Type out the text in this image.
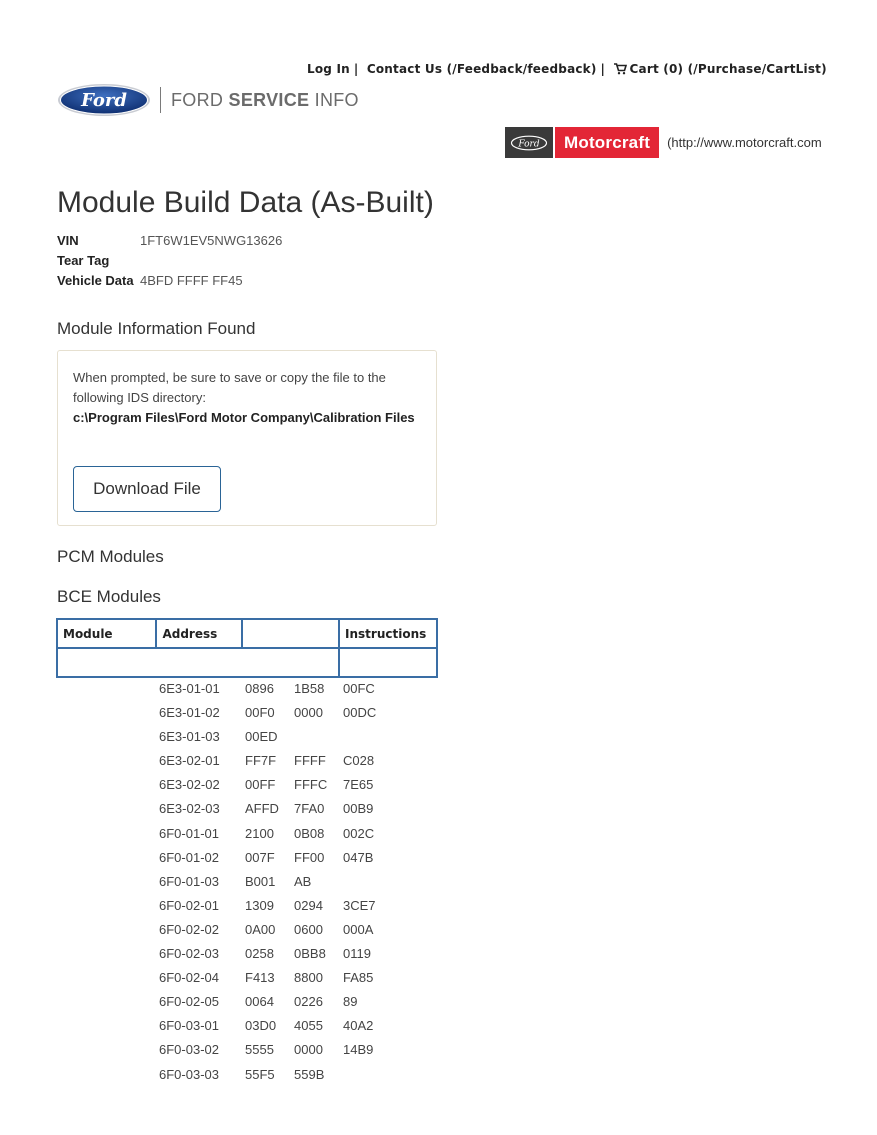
Log In | Contact Us (/Feedback/feedback) | Cart (0) (/Purchase/CartList)
Ford FORD SERVICE INFO
Ford	Motorcraft	(http://www.motorcraft.com
Module Build Data (As-Built)
VIN	1FT6W1EV5NWG13626
Tear Tag
Vehicle Data 4BFD FFFF FF45
Module Information Found
When prompted, be sure to save or copy the file to the following IDS directory:
c:\Program Files\Ford Motor Company\Calibration Files
Download File
PCM Modules
BCE Modules
Module	Address		Instructions

6E3-01-01 0896 1B58 00FC
6E3-01-02 00F0 0000 00DC
6E3-01-03 00ED
6E3-02-01 FF7F FFFF C028
6E3-02-02 00FF FFFC 7E65
6E3-02-03 AFFD 7FA0 00B9
6F0-01-01 2100 0B08 002C
6F0-01-02 007F FF00 047B
6F0-01-03 B001 AB
6F0-02-01 1309 0294 3CE7
6F0-02-02 0A00 0600 000A
6F0-02-03 0258 0BB8 0119
6F0-02-04 F413 8800 FA85
6F0-02-05 0064 0226 89
6F0-03-01 03D0 4055 40A2
6F0-03-02 5555 0000 14B9
6F0-03-03 55F5 559B
